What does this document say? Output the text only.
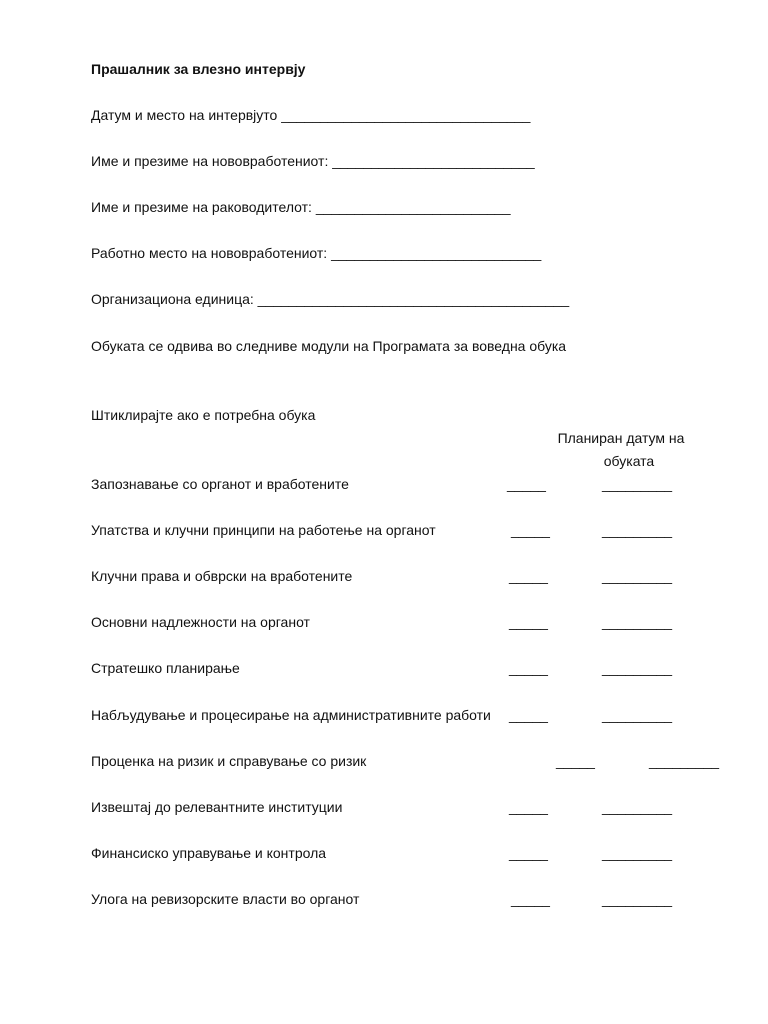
Прашалник за влезно интервју
Датум и место на интервјуто ________________________________
Име и презиме на нововработениот: __________________________
Име и презиме на раководителот: _________________________
Работно место на нововработениот: ___________________________
Организациона единица: ________________________________________
Обуката се одвива во следниве модули на Програмата за воведна обука
Штиклирајте ако е потребна обука
Планиран датум на
обуката
Запознавање со органот и вработените	_____	_________
Упатства и клучни принципи на работење на органот	_____	_________
Клучни права и обврски на вработените	_____	_________
Основни надлежности на органот	_____	_________
Стратешко планирање	_____	_________
Набљудување и процесирање на административните работи _____	_________
Проценка на ризик и справување со ризик	_____	_________
Извештај до релевантните институции	_____	_________
Финансиско управување и контрола	_____	_________
Улога на ревизорските власти во органот	_____	_________
